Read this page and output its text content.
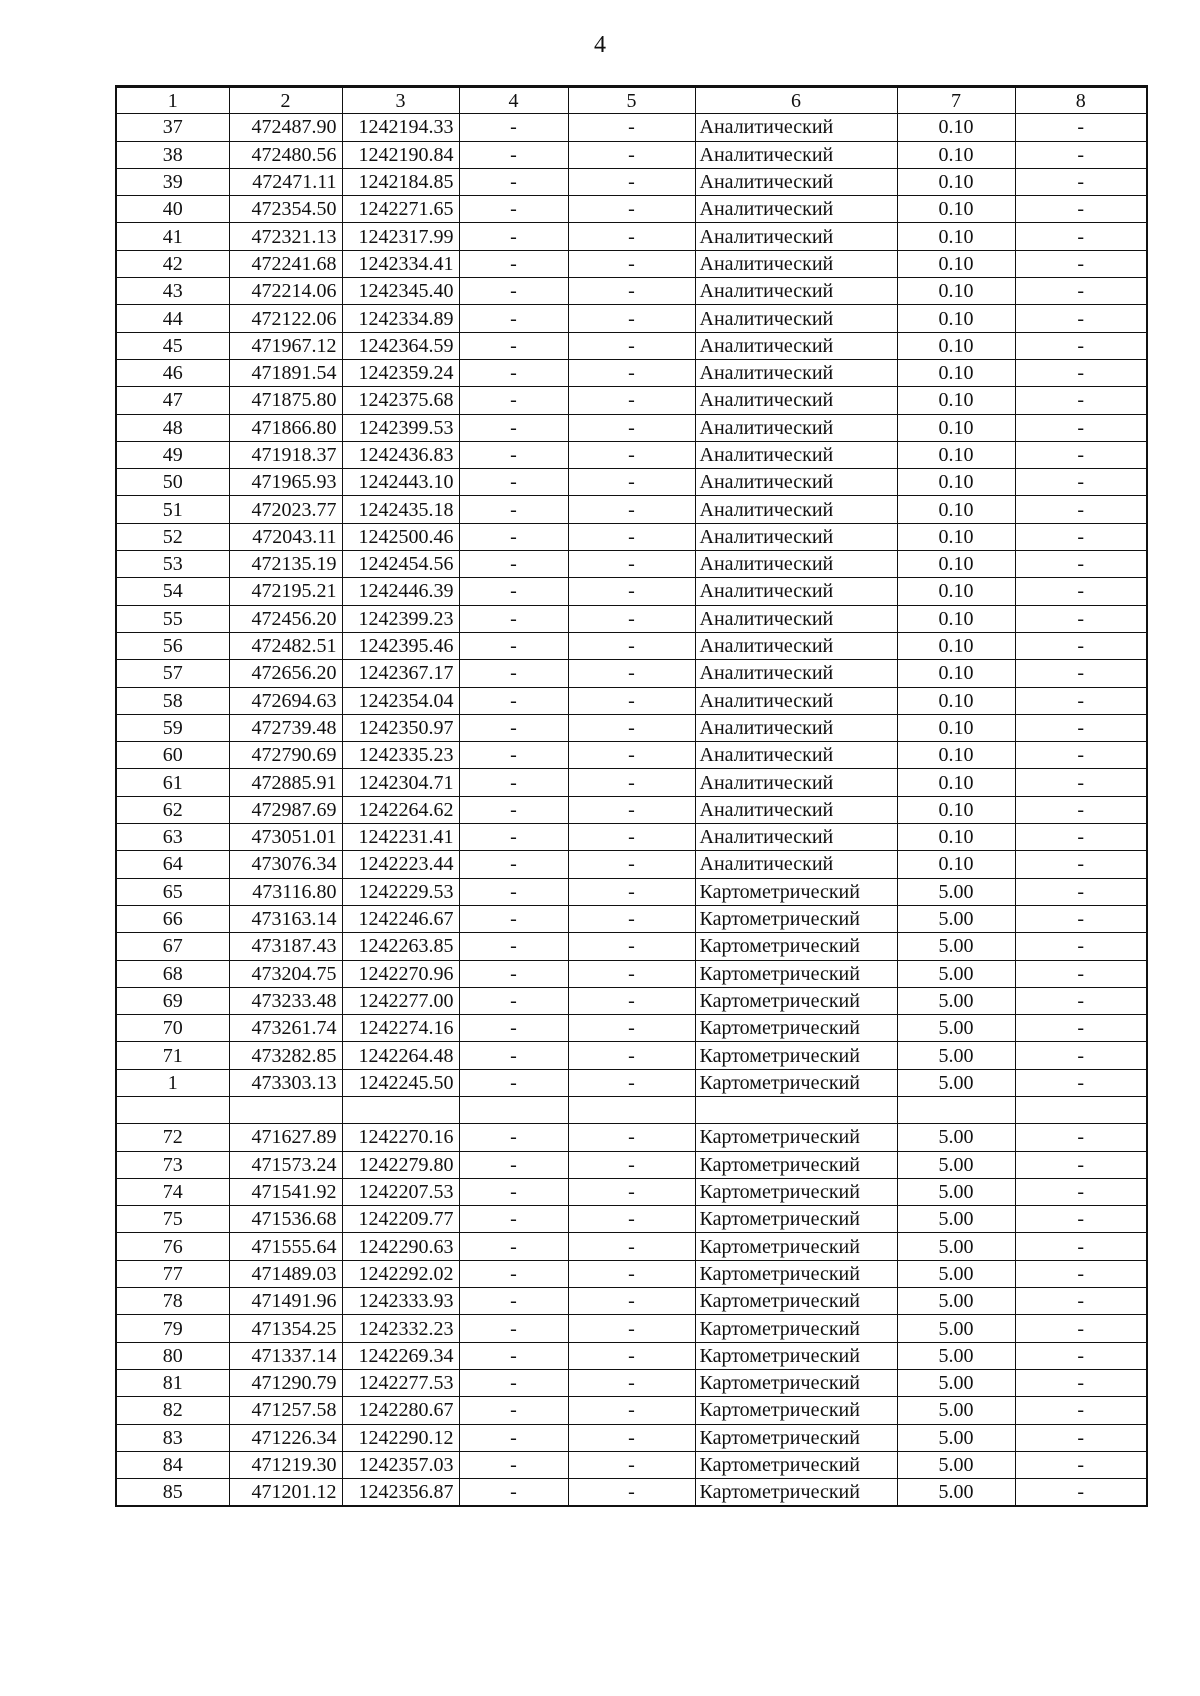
4
1	2	3	4	5	6	7	8
37	472487.90	1242194.33	-	-	Аналитический	0.10	-
38	472480.56	1242190.84	-	-	Аналитический	0.10	-
39	472471.11	1242184.85	-	-	Аналитический	0.10	-
40	472354.50	1242271.65	-	-	Аналитический	0.10	-
41	472321.13	1242317.99	-	-	Аналитический	0.10	-
42	472241.68	1242334.41	-	-	Аналитический	0.10	-
43	472214.06	1242345.40	-	-	Аналитический	0.10	-
44	472122.06	1242334.89	-	-	Аналитический	0.10	-
45	471967.12	1242364.59	-	-	Аналитический	0.10	-
46	471891.54	1242359.24	-	-	Аналитический	0.10	-
47	471875.80	1242375.68	-	-	Аналитический	0.10	-
48	471866.80	1242399.53	-	-	Аналитический	0.10	-
49	471918.37	1242436.83	-	-	Аналитический	0.10	-
50	471965.93	1242443.10	-	-	Аналитический	0.10	-
51	472023.77	1242435.18	-	-	Аналитический	0.10	-
52	472043.11	1242500.46	-	-	Аналитический	0.10	-
53	472135.19	1242454.56	-	-	Аналитический	0.10	-
54	472195.21	1242446.39	-	-	Аналитический	0.10	-
55	472456.20	1242399.23	-	-	Аналитический	0.10	-
56	472482.51	1242395.46	-	-	Аналитический	0.10	-
57	472656.20	1242367.17	-	-	Аналитический	0.10	-
58	472694.63	1242354.04	-	-	Аналитический	0.10	-
59	472739.48	1242350.97	-	-	Аналитический	0.10	-
60	472790.69	1242335.23	-	-	Аналитический	0.10	-
61	472885.91	1242304.71	-	-	Аналитический	0.10	-
62	472987.69	1242264.62	-	-	Аналитический	0.10	-
63	473051.01	1242231.41	-	-	Аналитический	0.10	-
64	473076.34	1242223.44	-	-	Аналитический	0.10	-
65	473116.80	1242229.53	-	-	Картометрический	5.00	-
66	473163.14	1242246.67	-	-	Картометрический	5.00	-
67	473187.43	1242263.85	-	-	Картометрический	5.00	-
68	473204.75	1242270.96	-	-	Картометрический	5.00	-
69	473233.48	1242277.00	-	-	Картометрический	5.00	-
70	473261.74	1242274.16	-	-	Картометрический	5.00	-
71	473282.85	1242264.48	-	-	Картометрический	5.00	-
1	473303.13	1242245.50	-	-	Картометрический	5.00	-

72	471627.89	1242270.16	-	-	Картометрический	5.00	-
73	471573.24	1242279.80	-	-	Картометрический	5.00	-
74	471541.92	1242207.53	-	-	Картометрический	5.00	-
75	471536.68	1242209.77	-	-	Картометрический	5.00	-
76	471555.64	1242290.63	-	-	Картометрический	5.00	-
77	471489.03	1242292.02	-	-	Картометрический	5.00	-
78	471491.96	1242333.93	-	-	Картометрический	5.00	-
79	471354.25	1242332.23	-	-	Картометрический	5.00	-
80	471337.14	1242269.34	-	-	Картометрический	5.00	-
81	471290.79	1242277.53	-	-	Картометрический	5.00	-
82	471257.58	1242280.67	-	-	Картометрический	5.00	-
83	471226.34	1242290.12	-	-	Картометрический	5.00	-
84	471219.30	1242357.03	-	-	Картометрический	5.00	-
85	471201.12	1242356.87	-	-	Картометрический	5.00	-
